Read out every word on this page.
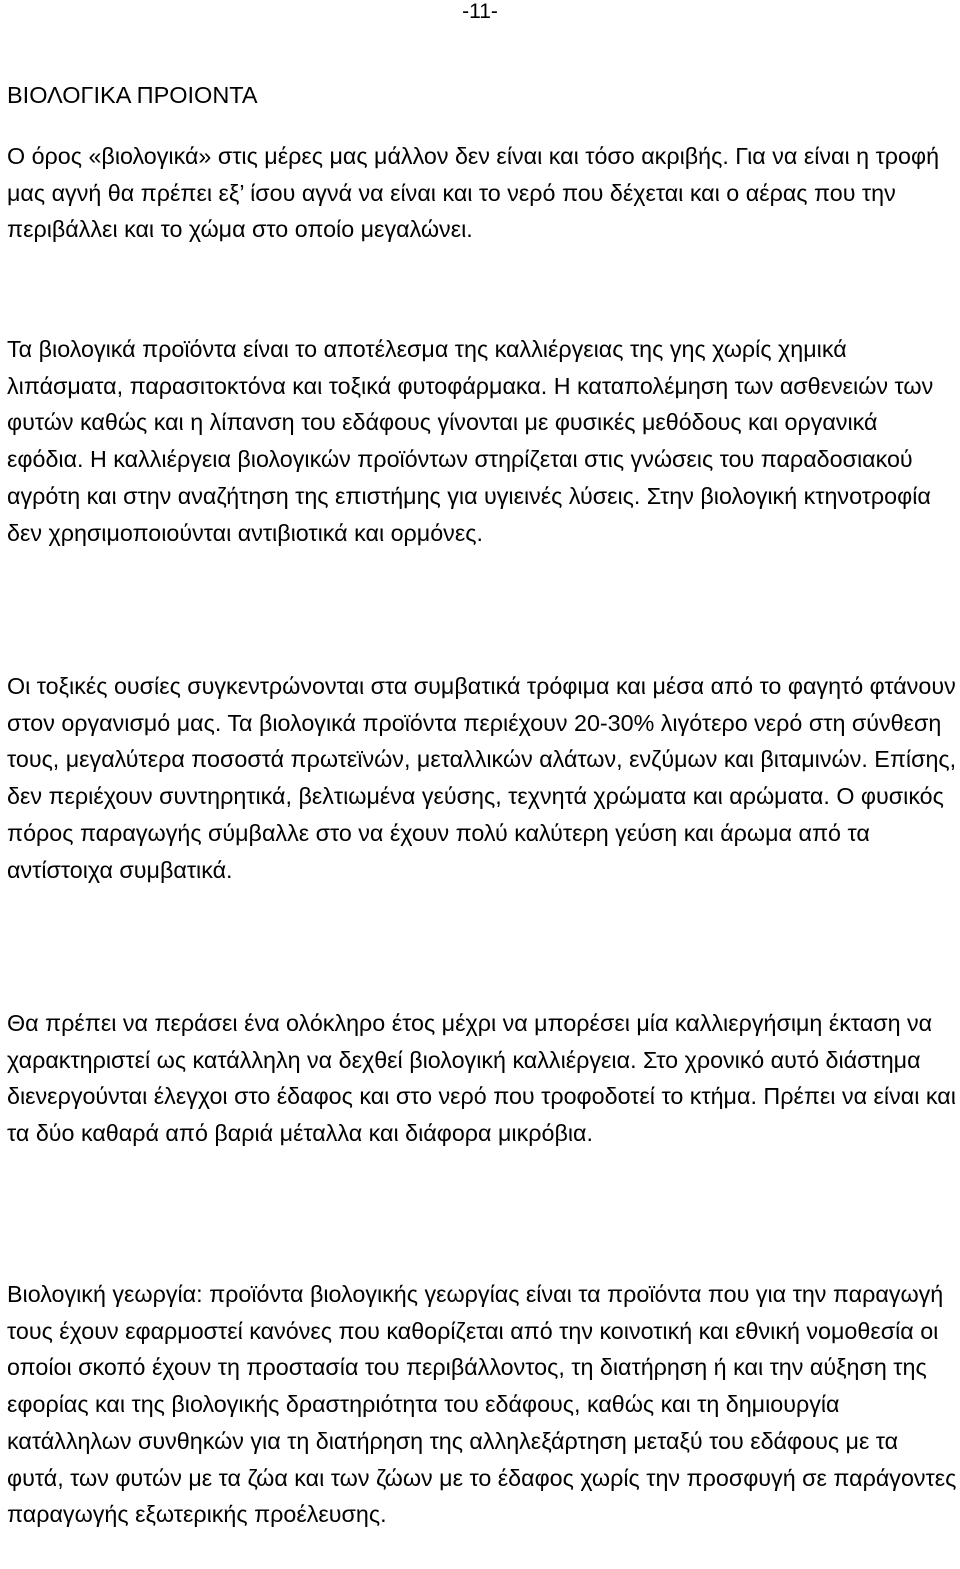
-11-
ΒΙΟΛΟΓΙΚΑ ΠΡΟΙΟΝΤΑ

Ο όρος «βιολογικά» στις μέρες μας μάλλον δεν είναι και τόσο ακριβής. Για να είναι η τροφή μας αγνή θα πρέπει εξ’ ίσου αγνά να είναι και το νερό που δέχεται και ο αέρας που την περιβάλλει και το χώμα στο οποίο μεγαλώνει.

Τα βιολογικά προϊόντα είναι το αποτέλεσμα της καλλιέργειας της γης χωρίς χημικά λιπάσματα, παρασιτοκτόνα και τοξικά φυτοφάρμακα. Η καταπολέμηση των ασθενειών των φυτών καθώς και η λίπανση του εδάφους γίνονται με φυσικές μεθόδους και οργανικά εφόδια. Η καλλιέργεια βιολογικών προϊόντων στηρίζεται στις γνώσεις του παραδοσιακού αγρότη και στην αναζήτηση της επιστήμης για υγιεινές λύσεις. Στην βιολογική κτηνοτροφία δεν χρησιμοποιούνται αντιβιοτικά και ορμόνες.

Οι τοξικές ουσίες συγκεντρώνονται στα συμβατικά τρόφιμα και μέσα από το φαγητό φτάνουν στον οργανισμό μας. Τα βιολογικά προϊόντα περιέχουν 20-30% λιγότερο νερό στη σύνθεση τους, μεγαλύτερα ποσοστά πρωτεϊνών, μεταλλικών αλάτων, ενζύμων και βιταμινών. Επίσης, δεν περιέχουν συντηρητικά, βελτιωμένα γεύσης, τεχνητά χρώματα και αρώματα. Ο φυσικός πόρος παραγωγής σύμβαλλε στο να έχουν πολύ καλύτερη γεύση και άρωμα από τα αντίστοιχα συμβατικά.

Θα πρέπει να περάσει ένα ολόκληρο έτος μέχρι να μπορέσει μία καλλιεργήσιμη έκταση να χαρακτηριστεί ως κατάλληλη να δεχθεί βιολογική καλλιέργεια. Στο χρονικό αυτό διάστημα διενεργούνται έλεγχοι στο έδαφος και στο νερό που τροφοδοτεί το κτήμα. Πρέπει να είναι και τα δύο καθαρά από βαριά μέταλλα και διάφορα μικρόβια.

Βιολογική γεωργία: προϊόντα βιολογικής γεωργίας είναι τα προϊόντα που για την παραγωγή τους έχουν εφαρμοστεί κανόνες που καθορίζεται από την κοινοτική και εθνική νομοθεσία οι οποίοι σκοπό έχουν τη προστασία του περιβάλλοντος, τη διατήρηση ή και την αύξηση της εφορίας και της βιολογικής δραστηριότητα του εδάφους, καθώς και τη δημιουργία κατάλληλων συνθηκών για τη διατήρηση της αλληλεξάρτηση μεταξύ του εδάφους με τα φυτά, των φυτών με τα ζώα και των ζώων με το έδαφος χωρίς την προσφυγή σε παράγοντες παραγωγής εξωτερικής προέλευσης.
